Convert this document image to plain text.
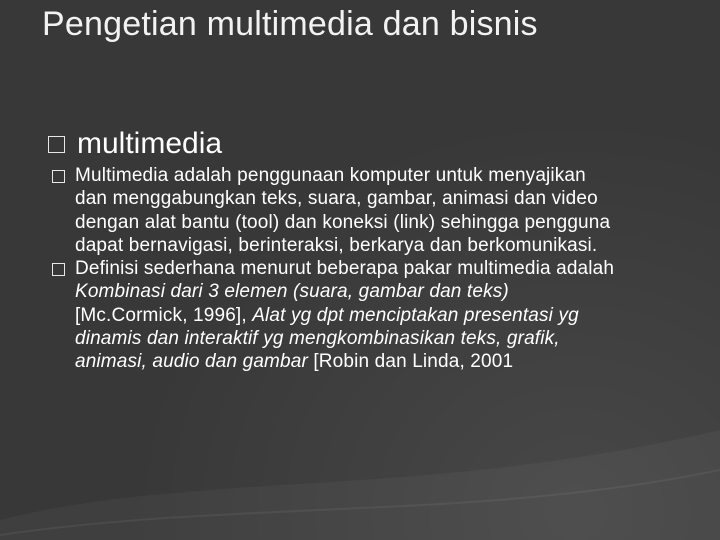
Pengetian multimedia dan bisnis
multimedia
Multimedia adalah penggunaan komputer untuk menyajikan dan menggabungkan teks, suara, gambar, animasi dan video dengan alat bantu (tool) dan koneksi (link) sehingga pengguna dapat bernavigasi, berinteraksi, berkarya dan berkomunikasi.
Definisi sederhana menurut beberapa pakar multimedia adalah Kombinasi dari 3 elemen (suara, gambar dan teks) [Mc.Cormick, 1996], Alat yg dpt menciptakan presentasi yg dinamis dan interaktif yg mengkombinasikan teks, grafik, animasi, audio dan gambar [Robin dan Linda, 2001
